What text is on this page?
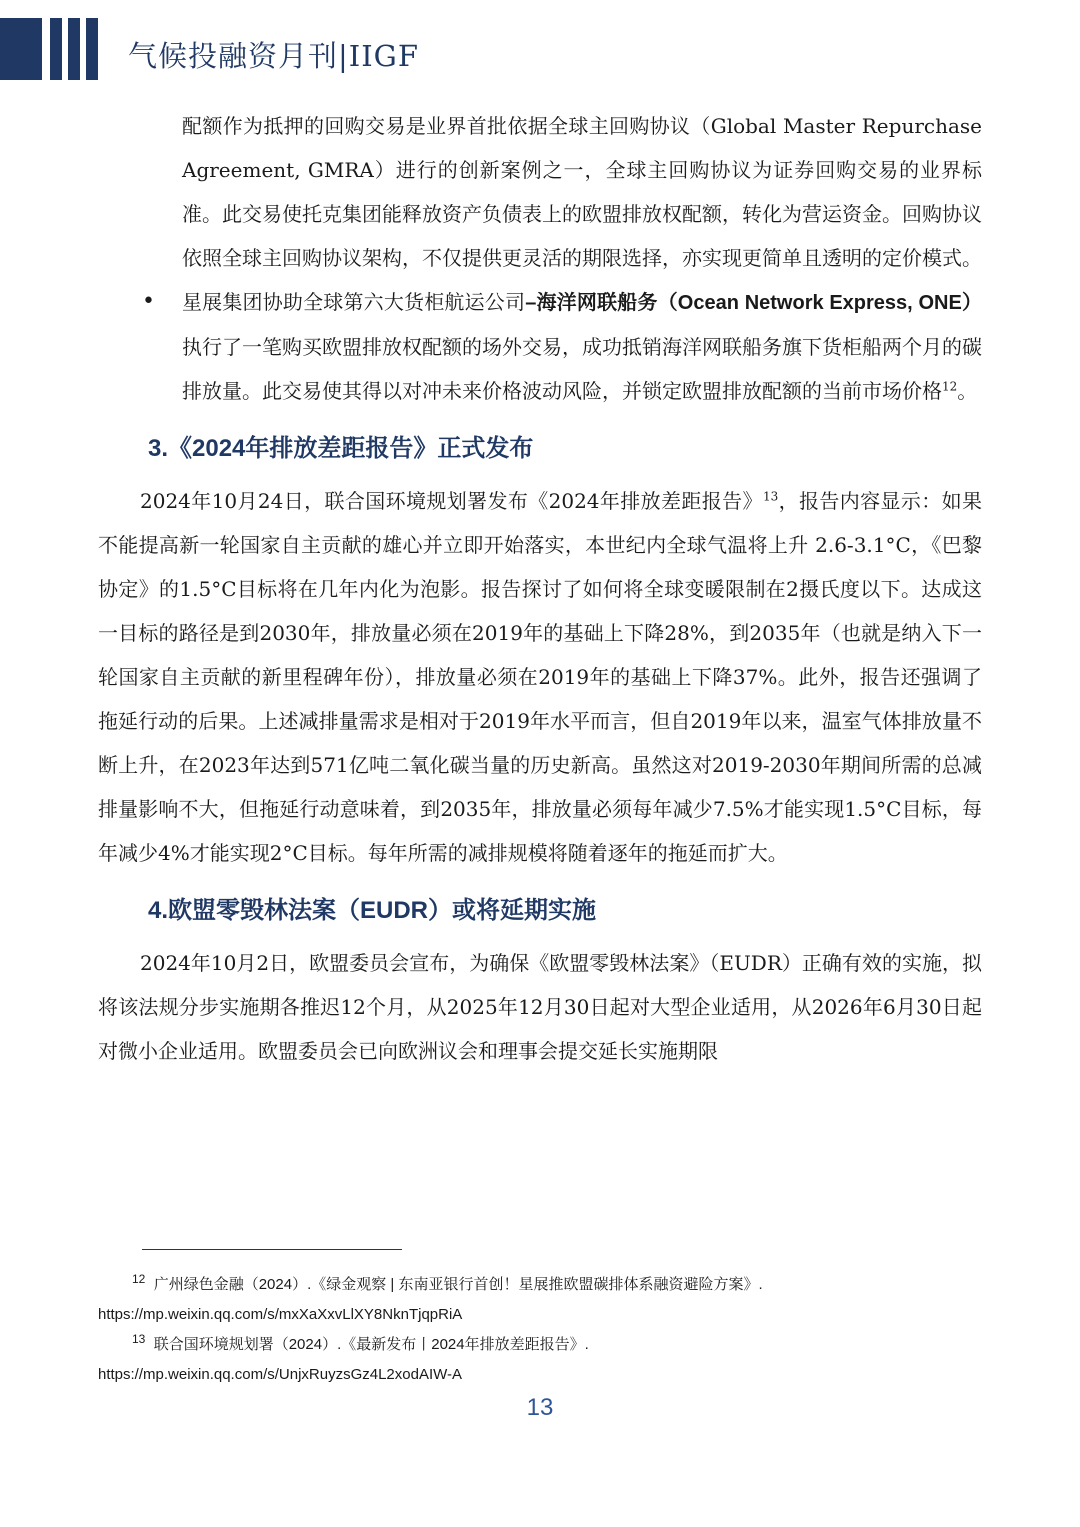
气候投融资月刊|IIGF

配额作为抵押的回购交易是业界首批依据全球主回购协议（Global Master Repurchase Agreement, GMRA）进行的创新案例之一，全球主回购协议为证券回购交易的业界标准。此交易使托克集团能释放资产负债表上的欧盟排放权配额，转化为营运资金。回购协议依照全球主回购协议架构，不仅提供更灵活的期限选择，亦实现更简单且透明的定价模式。

• 星展集团协助全球第六大货柜航运公司–海洋网联船务（Ocean Network Express, ONE）执行了一笔购买欧盟排放权配额的场外交易，成功抵销海洋网联船务旗下货柜船两个月的碳排放量。此交易使其得以对冲未来价格波动风险，并锁定欧盟排放配额的当前市场价格$^{12}$。

3.《2024年排放差距报告》正式发布

2024年10月24日，联合国环境规划署发布《2024年排放差距报告》$^{13}$，报告内容显示：如果不能提高新一轮国家自主贡献的雄心并立即开始落实，本世纪内全球气温将上升 2.6-3.1°C，《巴黎协定》的1.5°C目标将在几年内化为泡影。报告探讨了如何将全球变暖限制在2摄氏度以下。达成这一目标的路径是到2030年，排放量必须在2019年的基础上下降28%，到2035年（也就是纳入下一轮国家自主贡献的新里程碑年份），排放量必须在2019年的基础上下降37%。此外，报告还强调了拖延行动的后果。上述减排量需求是相对于2019年水平而言，但自2019年以来，温室气体排放量不断上升，在2023年达到571亿吨二氧化碳当量的历史新高。虽然这对2019-2030年期间所需的总减排量影响不大，但拖延行动意味着，到2035年，排放量必须每年减少7.5%才能实现1.5°C目标，每年减少4%才能实现2°C目标。每年所需的减排规模将随着逐年的拖延而扩大。

4.欧盟零毁林法案（EUDR）或将延期实施

2024年10月2日，欧盟委员会宣布，为确保《欧盟零毁林法案》（EUDR）正确有效的实施，拟将该法规分步实施期各推迟12个月，从2025年12月30日起对大型企业适用，从2026年6月30日起对微小企业适用。欧盟委员会已向欧洲议会和理事会提交延长实施期限

$^{12}$ 广州绿色金融（2024）.《绿金观察 | 东南亚银行首创！星展推欧盟碳排体系融资避险方案》.
https://mp.weixin.qq.com/s/mxXaXxvLlXY8NknTjqpRiA
$^{13}$ 联合国环境规划署（2024）.《最新发布丨2024年排放差距报告》.
https://mp.weixin.qq.com/s/UnjxRuyzsGz4L2xodAIW-A
13
